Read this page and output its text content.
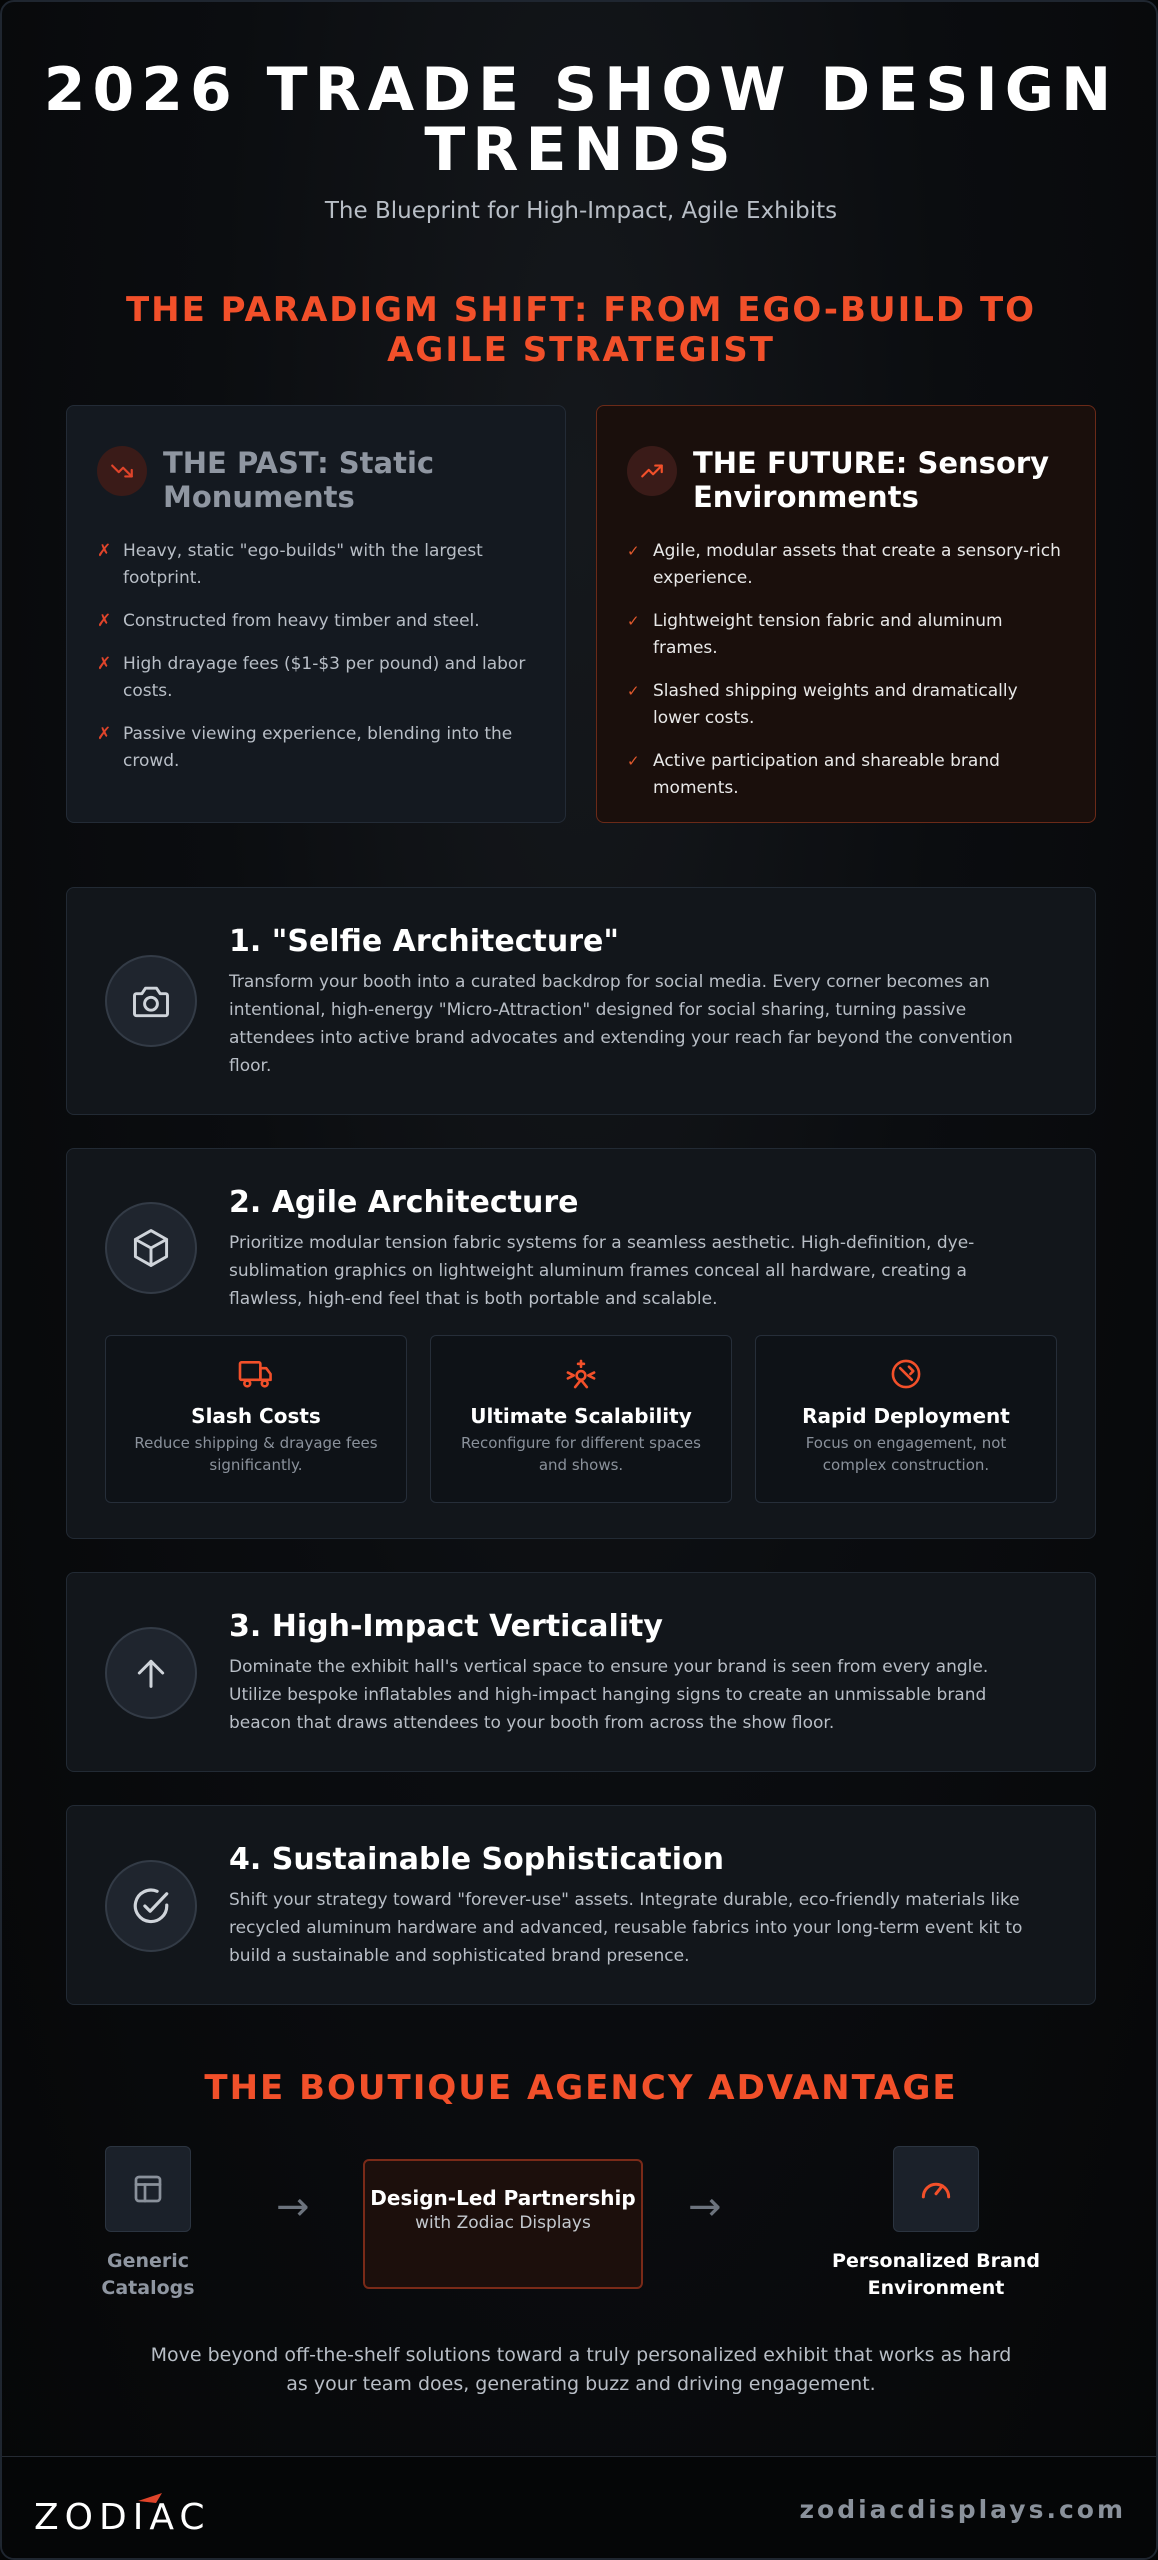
2026 TRADE SHOW DESIGN TRENDS
The Blueprint for High-Impact, Agile Exhibits
THE PARADIGM SHIFT: FROM EGO-BUILD TO AGILE STRATEGIST
THE PAST: Static Monuments
✗ Heavy, static "ego-builds" with the largest footprint.
✗ Constructed from heavy timber and steel.
✗ High drayage fees ($1-$3 per pound) and labor costs.
✗ Passive viewing experience, blending into the crowd.
THE FUTURE: Sensory Environments
✓ Agile, modular assets that create a sensory-rich experience.
✓ Lightweight tension fabric and aluminum frames.
✓ Slashed shipping weights and dramatically lower costs.
✓ Active participation and shareable brand moments.
1. "Selfie Architecture"
Transform your booth into a curated backdrop for social media. Every corner becomes an intentional, high-energy "Micro-Attraction" designed for social sharing, turning passive attendees into active brand advocates and extending your reach far beyond the convention floor.
2. Agile Architecture
Prioritize modular tension fabric systems for a seamless aesthetic. High-definition, dye-sublimation graphics on lightweight aluminum frames conceal all hardware, creating a flawless, high-end feel that is both portable and scalable.
Slash Costs
Reduce shipping & drayage fees significantly.
Ultimate Scalability
Reconfigure for different spaces and shows.
Rapid Deployment
Focus on engagement, not complex construction.
3. High-Impact Verticality
Dominate the exhibit hall's vertical space to ensure your brand is seen from every angle. Utilize bespoke inflatables and high-impact hanging signs to create an unmissable brand beacon that draws attendees to your booth from across the show floor.
4. Sustainable Sophistication
Shift your strategy toward "forever-use" assets. Integrate durable, eco-friendly materials like recycled aluminum hardware and advanced, reusable fabrics into your long-term event kit to build a sustainable and sophisticated brand presence.
THE BOUTIQUE AGENCY ADVANTAGE
Generic Catalogs
→	Design-Led Partnership
with Zodiac Displays	→
Personalized Brand Environment
Move beyond off-the-shelf solutions toward a truly personalized exhibit that works as hard as your team does, generating buzz and driving engagement.
ZODIAC	zodiacdisplays.com
